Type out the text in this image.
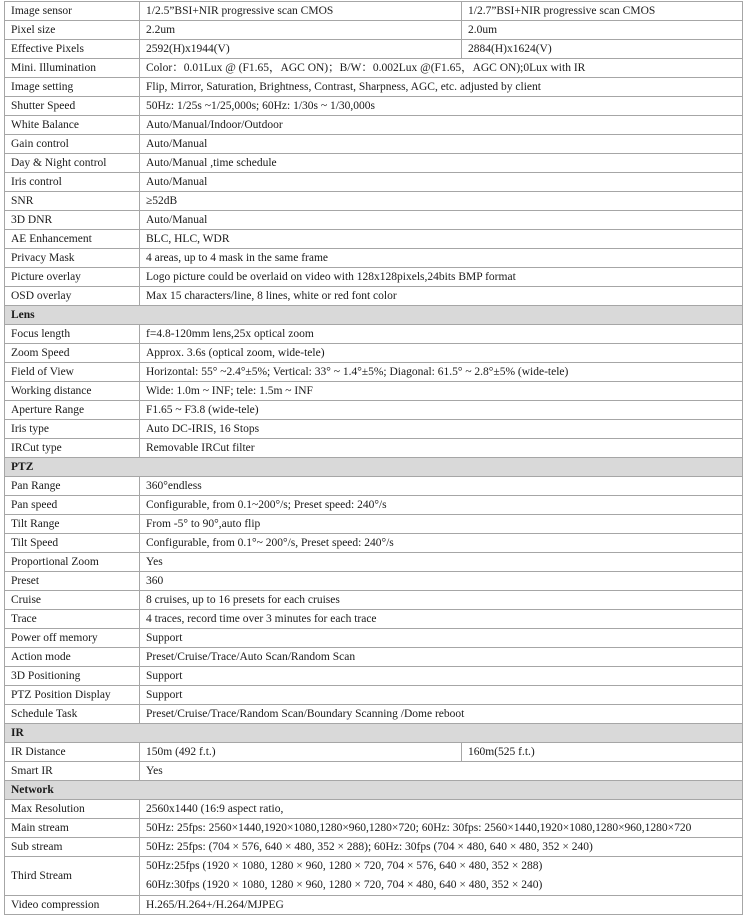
Image sensor	1/2.5”BSI+NIR progressive scan CMOS	1/2.7”BSI+NIR progressive scan CMOS
Pixel size	2.2um	2.0um
Effective Pixels	2592(H)x1944(V)	2884(H)x1624(V)
Mini. Illumination	Color：0.01Lux @ (F1.65，AGC ON)；B/W：0.002Lux @(F1.65，AGC ON);0Lux with IR	
Image setting	Flip, Mirror, Saturation, Brightness, Contrast, Sharpness, AGC, etc. adjusted by client	
Shutter Speed	50Hz: 1/25s ~1/25,000s; 60Hz: 1/30s ~ 1/30,000s	
White Balance	Auto/Manual/Indoor/Outdoor	
Gain control	Auto/Manual	
Day & Night control	Auto/Manual ,time schedule	
Iris control	Auto/Manual	
SNR	≥52dB	
3D DNR	Auto/Manual	
AE Enhancement	BLC, HLC, WDR	
Privacy Mask	4 areas, up to 4 mask in the same frame	
Picture overlay	Logo picture could be overlaid on video with 128x128pixels,24bits BMP format	
OSD overlay	Max 15 characters/line, 8 lines, white or red font color	
Lens		
Focus length	f=4.8-120mm lens,25x optical zoom	
Zoom Speed	Approx. 3.6s (optical zoom, wide-tele)	
Field of View	Horizontal: 55° ~2.4°±5%; Vertical: 33° ~ 1.4°±5%; Diagonal: 61.5° ~ 2.8°±5% (wide-tele)	
Working distance	Wide: 1.0m ~ INF; tele: 1.5m ~ INF	
Aperture Range	F1.65 ~ F3.8 (wide-tele)	
Iris type	Auto DC-IRIS, 16 Stops	
IRCut type	Removable IRCut filter	
PTZ		
Pan Range	360°endless	
Pan speed	Configurable, from 0.1~200°/s; Preset speed: 240°/s	
Tilt Range	From -5° to 90°,auto flip	
Tilt Speed	Configurable, from 0.1°~ 200°/s, Preset speed: 240°/s	
Proportional Zoom	Yes	
Preset	360	
Cruise	8 cruises, up to 16 presets for each cruises	
Trace	4 traces, record time over 3 minutes for each trace	
Power off memory	Support	
Action mode	Preset/Cruise/Trace/Auto Scan/Random Scan	
3D Positioning	Support	
PTZ Position Display	Support	
Schedule Task	Preset/Cruise/Trace/Random Scan/Boundary Scanning /Dome reboot	
IR		
IR Distance	150m (492 f.t.)	160m(525 f.t.)
Smart IR	Yes	
Network		
Max Resolution	2560x1440 (16:9 aspect ratio,	
Main stream	50Hz: 25fps: 2560×1440,1920×1080,1280×960,1280×720; 60Hz: 30fps: 2560×1440,1920×1080,1280×960,1280×720	
Sub stream	50Hz: 25fps: (704 × 576, 640 × 480, 352 × 288); 60Hz: 30fps (704 × 480, 640 × 480, 352 × 240)	
Third Stream	50Hz:25fps (1920 × 1080, 1280 × 960, 1280 × 720, 704 × 576, 640 × 480, 352 × 288)
60Hz:30fps (1920 × 1080, 1280 × 960, 1280 × 720, 704 × 480, 640 × 480, 352 × 240)	

Video compression	H.265/H.264+/H.264/MJPEG	
